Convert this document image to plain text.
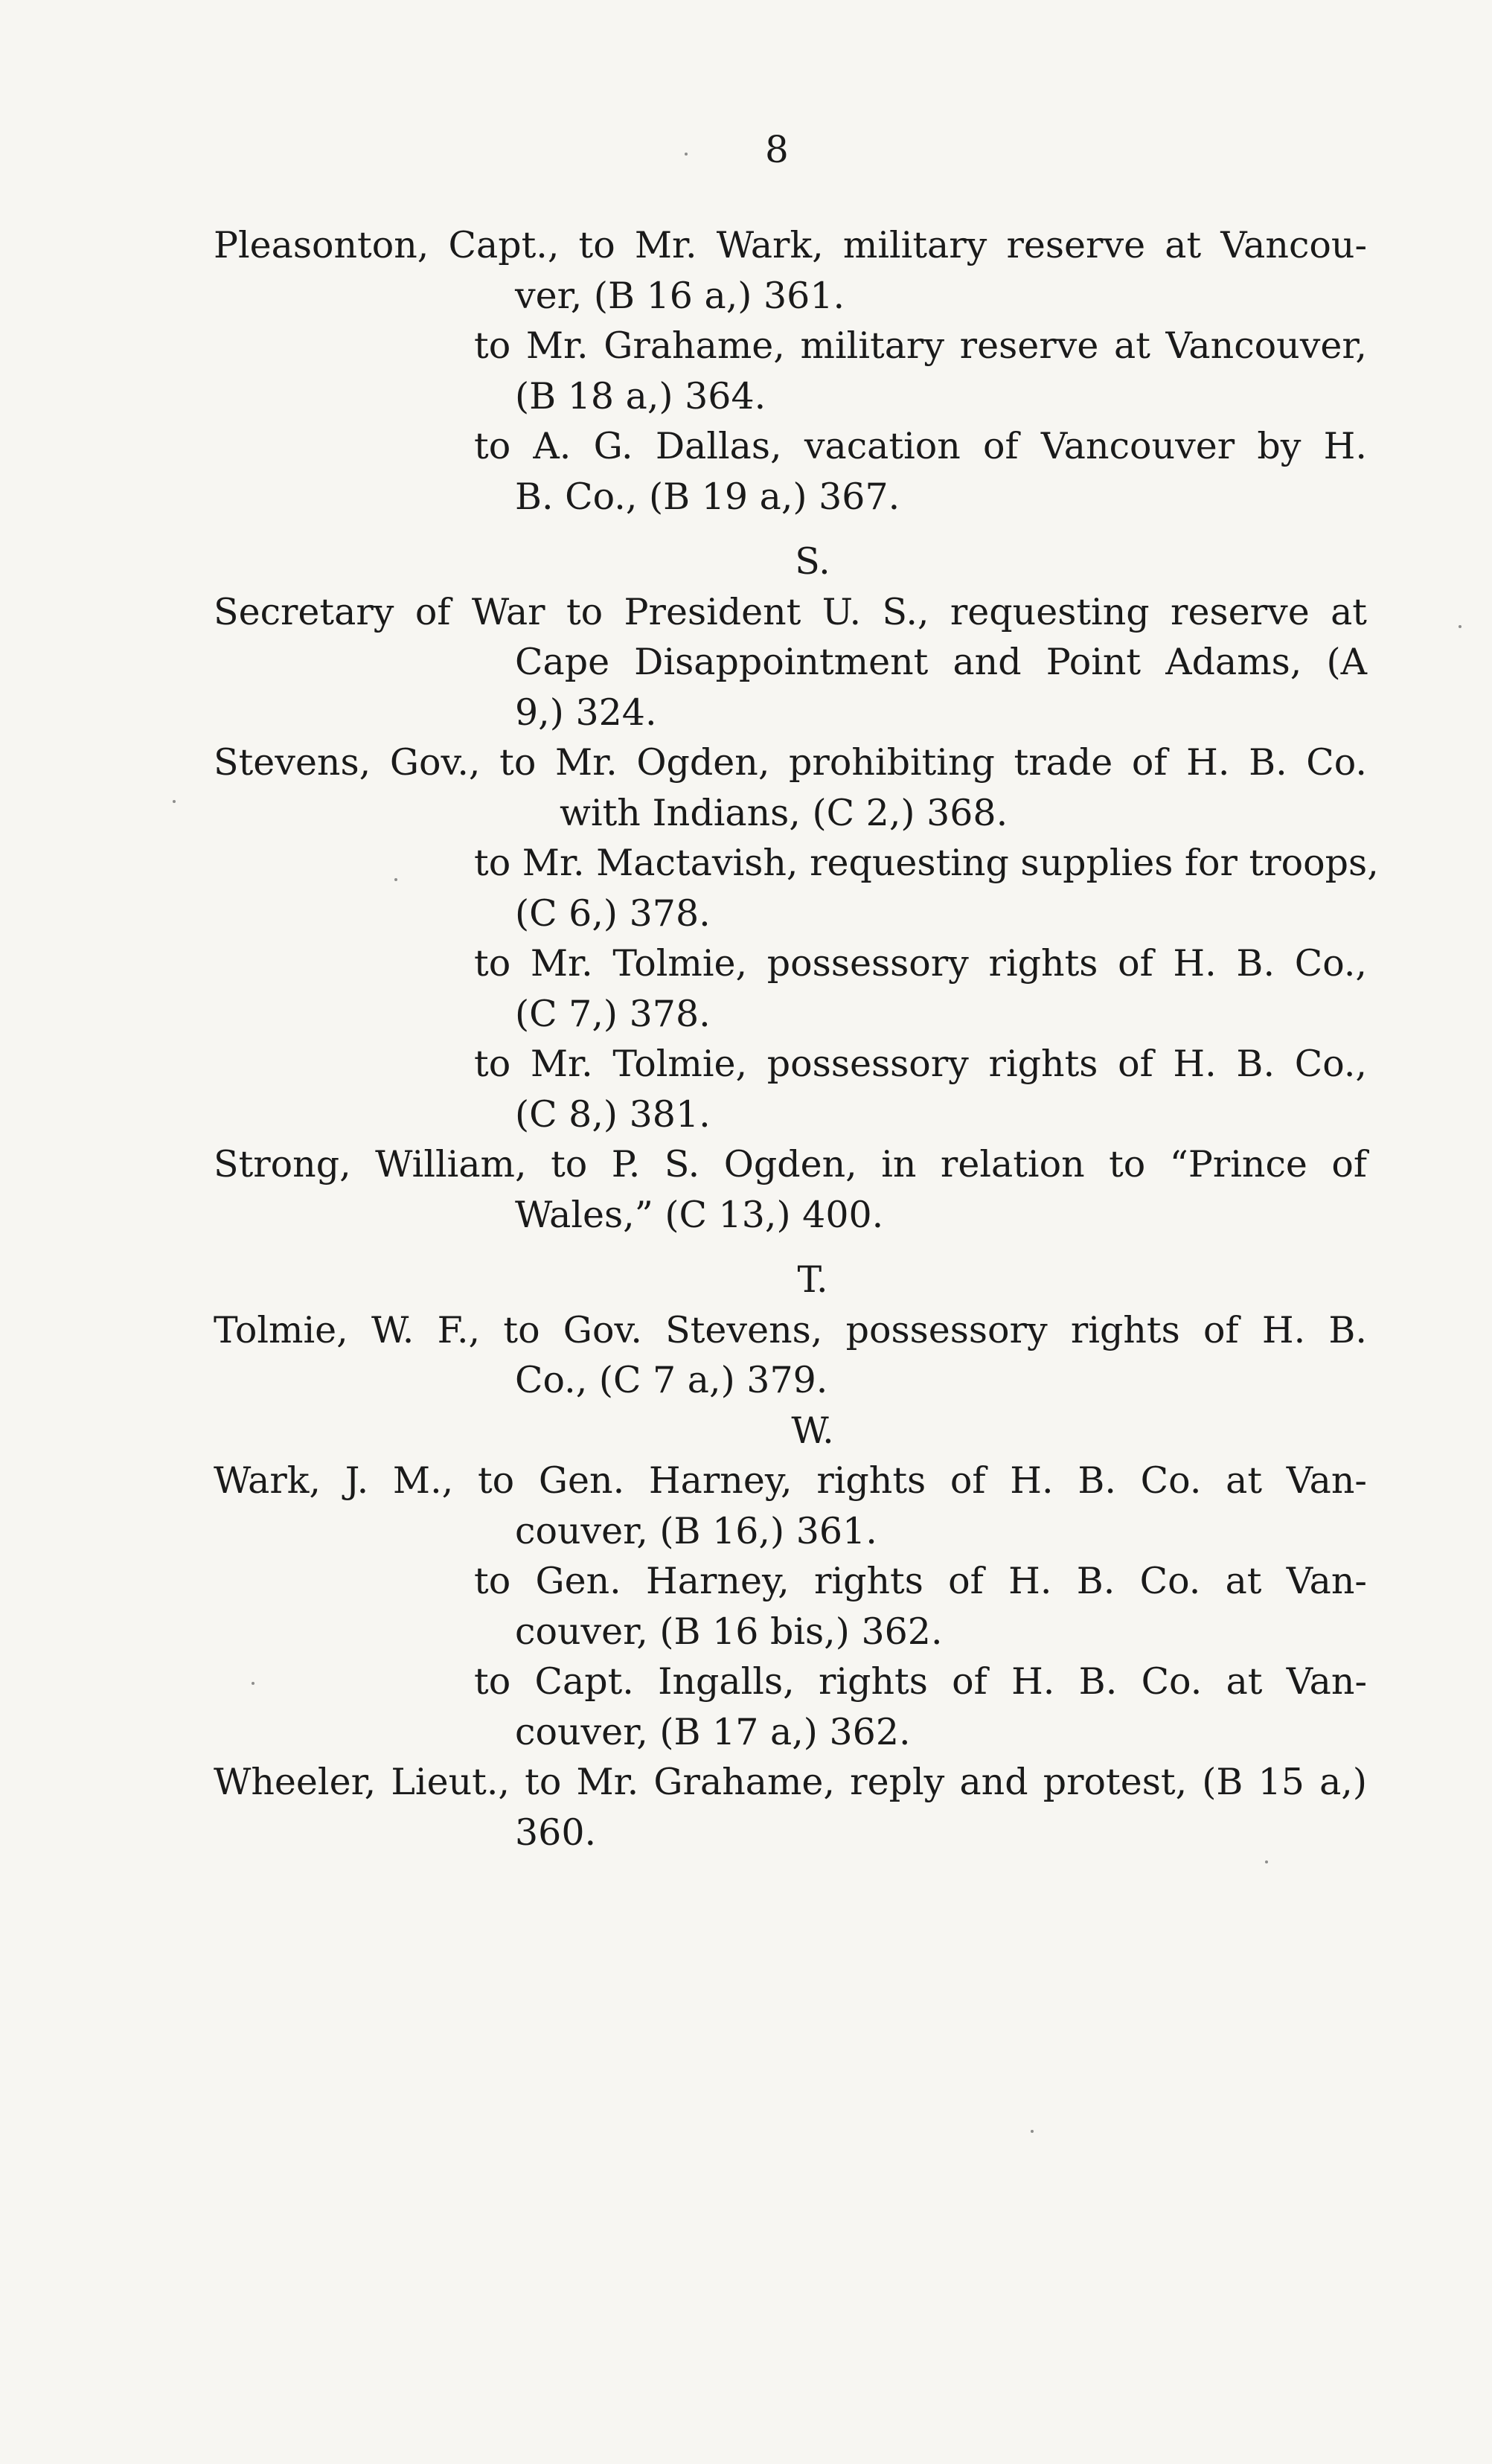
8
Pleasonton, Capt., to Mr. Wark, military reserve at Vancou-
ver, (B 16 a,) 361.
to Mr. Grahame, military reserve at Vancouver,
(B 18 a,) 364.
to A. G. Dallas, vacation of Vancouver by H.
B. Co., (B 19 a,) 367.
S.
Secretary of War to President U. S., requesting reserve at
Cape Disappointment and Point Adams, (A
9,) 324.
Stevens, Gov., to Mr. Ogden, prohibiting trade of H. B. Co.
with Indians, (C 2,) 368.
to Mr. Mactavish, requesting supplies for troops,
(C 6,) 378.
to Mr. Tolmie, possessory rights of H. B. Co.,
(C 7,) 378.
to Mr. Tolmie, possessory rights of H. B. Co.,
(C 8,) 381.
Strong, William, to P. S. Ogden, in relation to “Prince of
Wales,” (C 13,) 400.
T.
Tolmie, W. F., to Gov. Stevens, possessory rights of H. B.
Co., (C 7 a,) 379.
W.
Wark, J. M., to Gen. Harney, rights of H. B. Co. at Van-
couver, (B 16,) 361.
to Gen. Harney, rights of H. B. Co. at Van-
couver, (B 16 bis,) 362.
to Capt. Ingalls, rights of H. B. Co. at Van-
couver, (B 17 a,) 362.
Wheeler, Lieut., to Mr. Grahame, reply and protest, (B 15 a,)
360.
